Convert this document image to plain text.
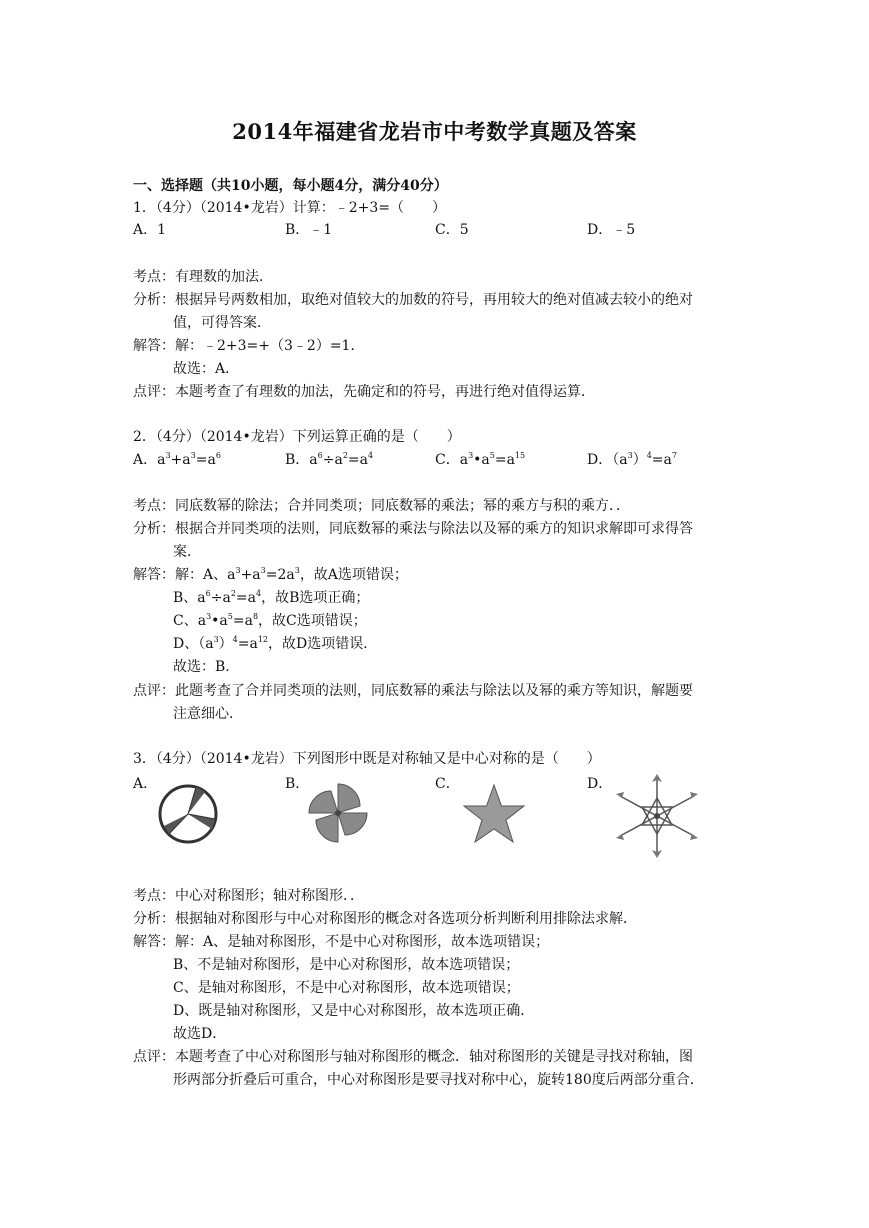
2014年福建省龙岩市中考数学真题及答案
一、选择题（共10小题，每小题4分，满分40分）
1．（4分）（2014•龙岩）计算：﹣2+3=（　　）
A．1	B．﹣1	C．5	D．﹣5
考点：有理数的加法．
分析：根据异号两数相加，取绝对值较大的加数的符号，再用较大的绝对值减去较小的绝对
值，可得答案．
解答：解：﹣2+3=+（3﹣2）=1．
故选：A．
点评：本题考查了有理数的加法，先确定和的符号，再进行绝对值得运算．
2．（4分）（2014•龙岩）下列运算正确的是（　　）
A．$a^3+a^3=a^6$	B．$a^6\div a^2=a^4$	C．$a^3•a^5=a^{15}$	D．$(a^3)^4=a^7$
考点：同底数幂的除法；合并同类项；同底数幂的乘法；幂的乘方与积的乘方．．
分析：根据合并同类项的法则，同底数幂的乘法与除法以及幂的乘方的知识求解即可求得答
案．
解答：解：A、$a^3+a^3=2a^3$，故A选项错误；
B、$a^6\div a^2=a^4$，故B选项正确；
C、$a^3•a^5=a^8$，故C选项错误；
D、$(a^3)^4=a^{12}$，故D选项错误．
故选：B．
点评：此题考查了合并同类项的法则，同底数幂的乘法与除法以及幂的乘方等知识，解题要
注意细心．
3．（4分）（2014•龙岩）下列图形中既是对称轴又是中心对称的是（　　）
A．	B．	C．	D．
考点：中心对称图形；轴对称图形．．
分析：根据轴对称图形与中心对称图形的概念对各选项分析判断利用排除法求解．
解答：解：A、是轴对称图形，不是中心对称图形，故本选项错误；
B、不是轴对称图形，是中心对称图形，故本选项错误；
C、是轴对称图形，不是中心对称图形，故本选项错误；
D、既是轴对称图形，又是中心对称图形，故本选项正确．
故选D．
点评：本题考查了中心对称图形与轴对称图形的概念．轴对称图形的关键是寻找对称轴，图
形两部分折叠后可重合，中心对称图形是要寻找对称中心，旋转180度后两部分重合．
